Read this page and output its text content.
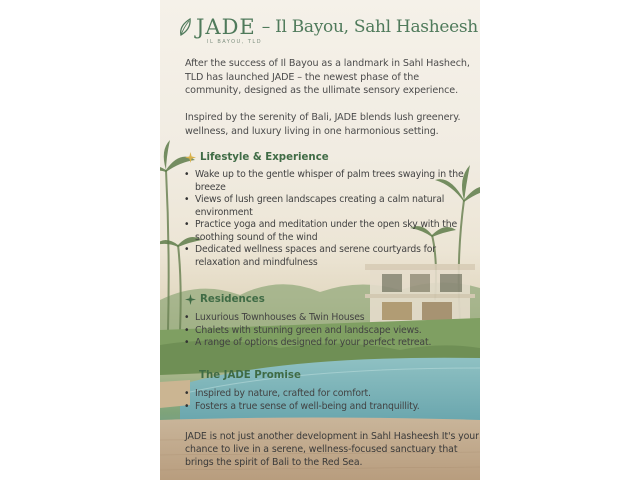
JADE – Il Bayou, Sahl Hasheesh
IL BAYOU, TLD
After the success of Il Bayou as a landmark in Sahl Hashech, TLD has launched JADE – the newest phase of the community, designed as the ullimate sensory experience.
Inspired by the serenity of Bali, JADE blends lush greenery. wellness, and luxury living in one harmonious setting.
Lifestyle & Experience
• Wake up to the gentle whisper of palm trees swaying in the breeze
• Views of lush green landscapes creating a calm natural environment
• Practice yoga and meditation under the open sky with the soothing sound of the wind
• Dedicated wellness spaces and serene courtyards for relaxation and mindfulness
Residences
• Luxurious Townhouses & Twin Houses
• Chalets with stunning green and landscape views.
• A range of options designed for your perfect retreat.
The JADE Promise
• Inspired by nature, crafted for comfort.
• Fosters a true sense of well-being and tranquillity.
JADE is not just another development in Sahl Hasheesh It's your chance to live in a serene, wellness-focused sanctuary that brings the spirit of Bali to the Red Sea.
